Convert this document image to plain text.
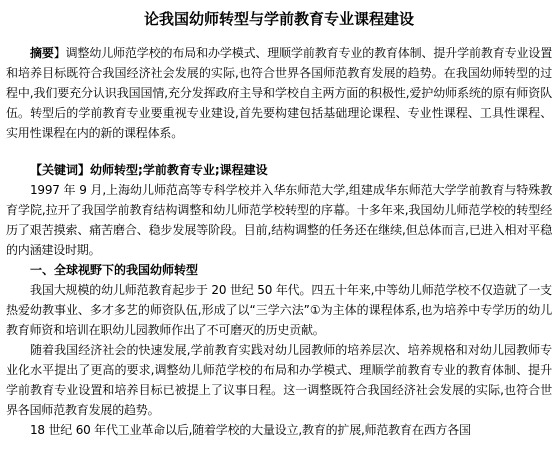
论我国幼师转型与学前教育专业课程建设

摘要】调整幼儿师范学校的布局和办学模式、理顺学前教育专业的教育体制、提升学前教育专业设置和培养目标既符合我国经济社会发展的实际,也符合世界各国师范教育发展的趋势。在我国幼师转型的过程中,我们要充分认识我国国情,充分发挥政府主导和学校自主两方面的积极性,爱护幼师系统的原有师资队伍。转型后的学前教育专业要重视专业建设,首先要构建包括基础理论课程、专业性课程、工具性课程、实用性课程在内的新的课程体系。

【关键词】幼师转型;学前教育专业;课程建设

1997 年 9 月,上海幼儿师范高等专科学校并入华东师范大学,组建成华东师范大学学前教育与特殊教育学院,拉开了我国学前教育结构调整和幼儿师范学校转型的序幕。十多年来,我国幼儿师范学校的转型经历了艰苦摸索、痛苦磨合、稳步发展等阶段。目前,结构调整的任务还在继续,但总体而言,已进入相对平稳的内涵建设时期。

一、全球视野下的我国幼师转型

我国大规模的幼儿师范教育起步于 20 世纪 50 年代。四五十年来,中等幼儿师范学校不仅造就了一支热爱幼教事业、多才多艺的师资队伍,形成了以“三学六法”①为主体的课程体系,也为培养中专学历的幼儿教育师资和培训在职幼儿园教师作出了不可磨灭的历史贡献。

随着我国经济社会的快速发展,学前教育实践对幼儿园教师的培养层次、培养规格和对幼儿园教师专业化水平提出了更高的要求,调整幼儿师范学校的布局和办学模式、理顺学前教育专业的教育体制、提升学前教育专业设置和培养目标已被提上了议事日程。这一调整既符合我国经济社会发展的实际,也符合世界各国师范教育发展的趋势。

18 世纪 60 年代工业革命以后,随着学校的大量设立,教育的扩展,师范教育在西方各国
